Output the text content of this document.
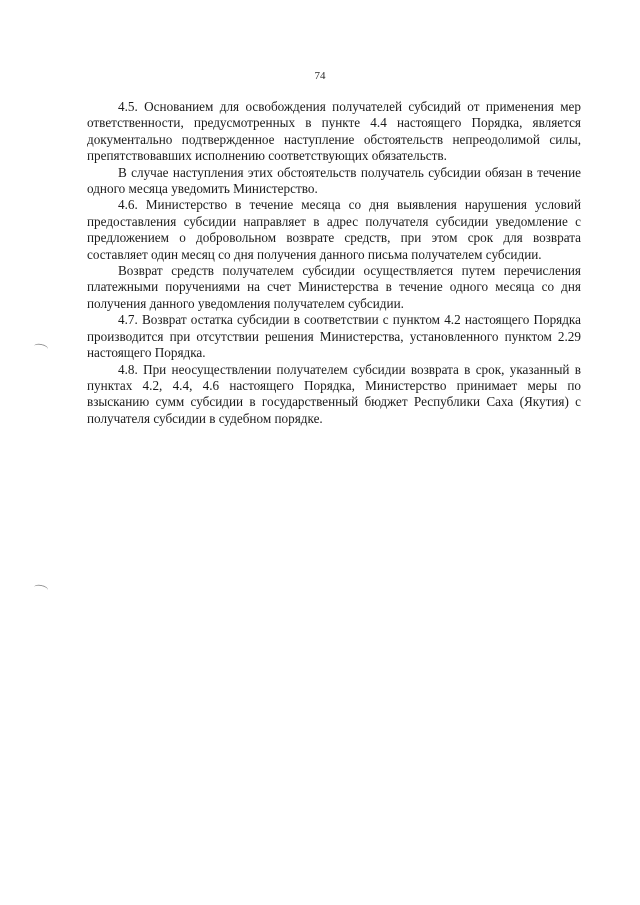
74

4.5. Основанием для освобождения получателей субсидий от применения мер ответственности, предусмотренных в пункте 4.4 настоящего Порядка, является документально подтвержденное наступление обстоятельств непреодолимой силы, препятствовавших исполнению соответствующих обязательств.

В случае наступления этих обстоятельств получатель субсидии обязан в течение одного месяца уведомить Министерство.

4.6. Министерство в течение месяца со дня выявления нарушения условий предоставления субсидии направляет в адрес получателя субсидии уведомление с предложением о добровольном возврате средств, при этом срок для возврата составляет один месяц со дня получения данного письма получателем субсидии.

Возврат средств получателем субсидии осуществляется путем перечисления платежными поручениями на счет Министерства в течение одного месяца со дня получения данного уведомления получателем субсидии.

4.7. Возврат остатка субсидии в соответствии с пунктом 4.2 настоящего Порядка производится при отсутствии решения Министерства, установленного пунктом 2.29 настоящего Порядка.

4.8. При неосуществлении получателем субсидии возврата в срок, указанный в пунктах 4.2, 4.4, 4.6 настоящего Порядка, Министерство принимает меры по взысканию сумм субсидии в государственный бюджет Республики Саха (Якутия) с получателя субсидии в судебном порядке.
